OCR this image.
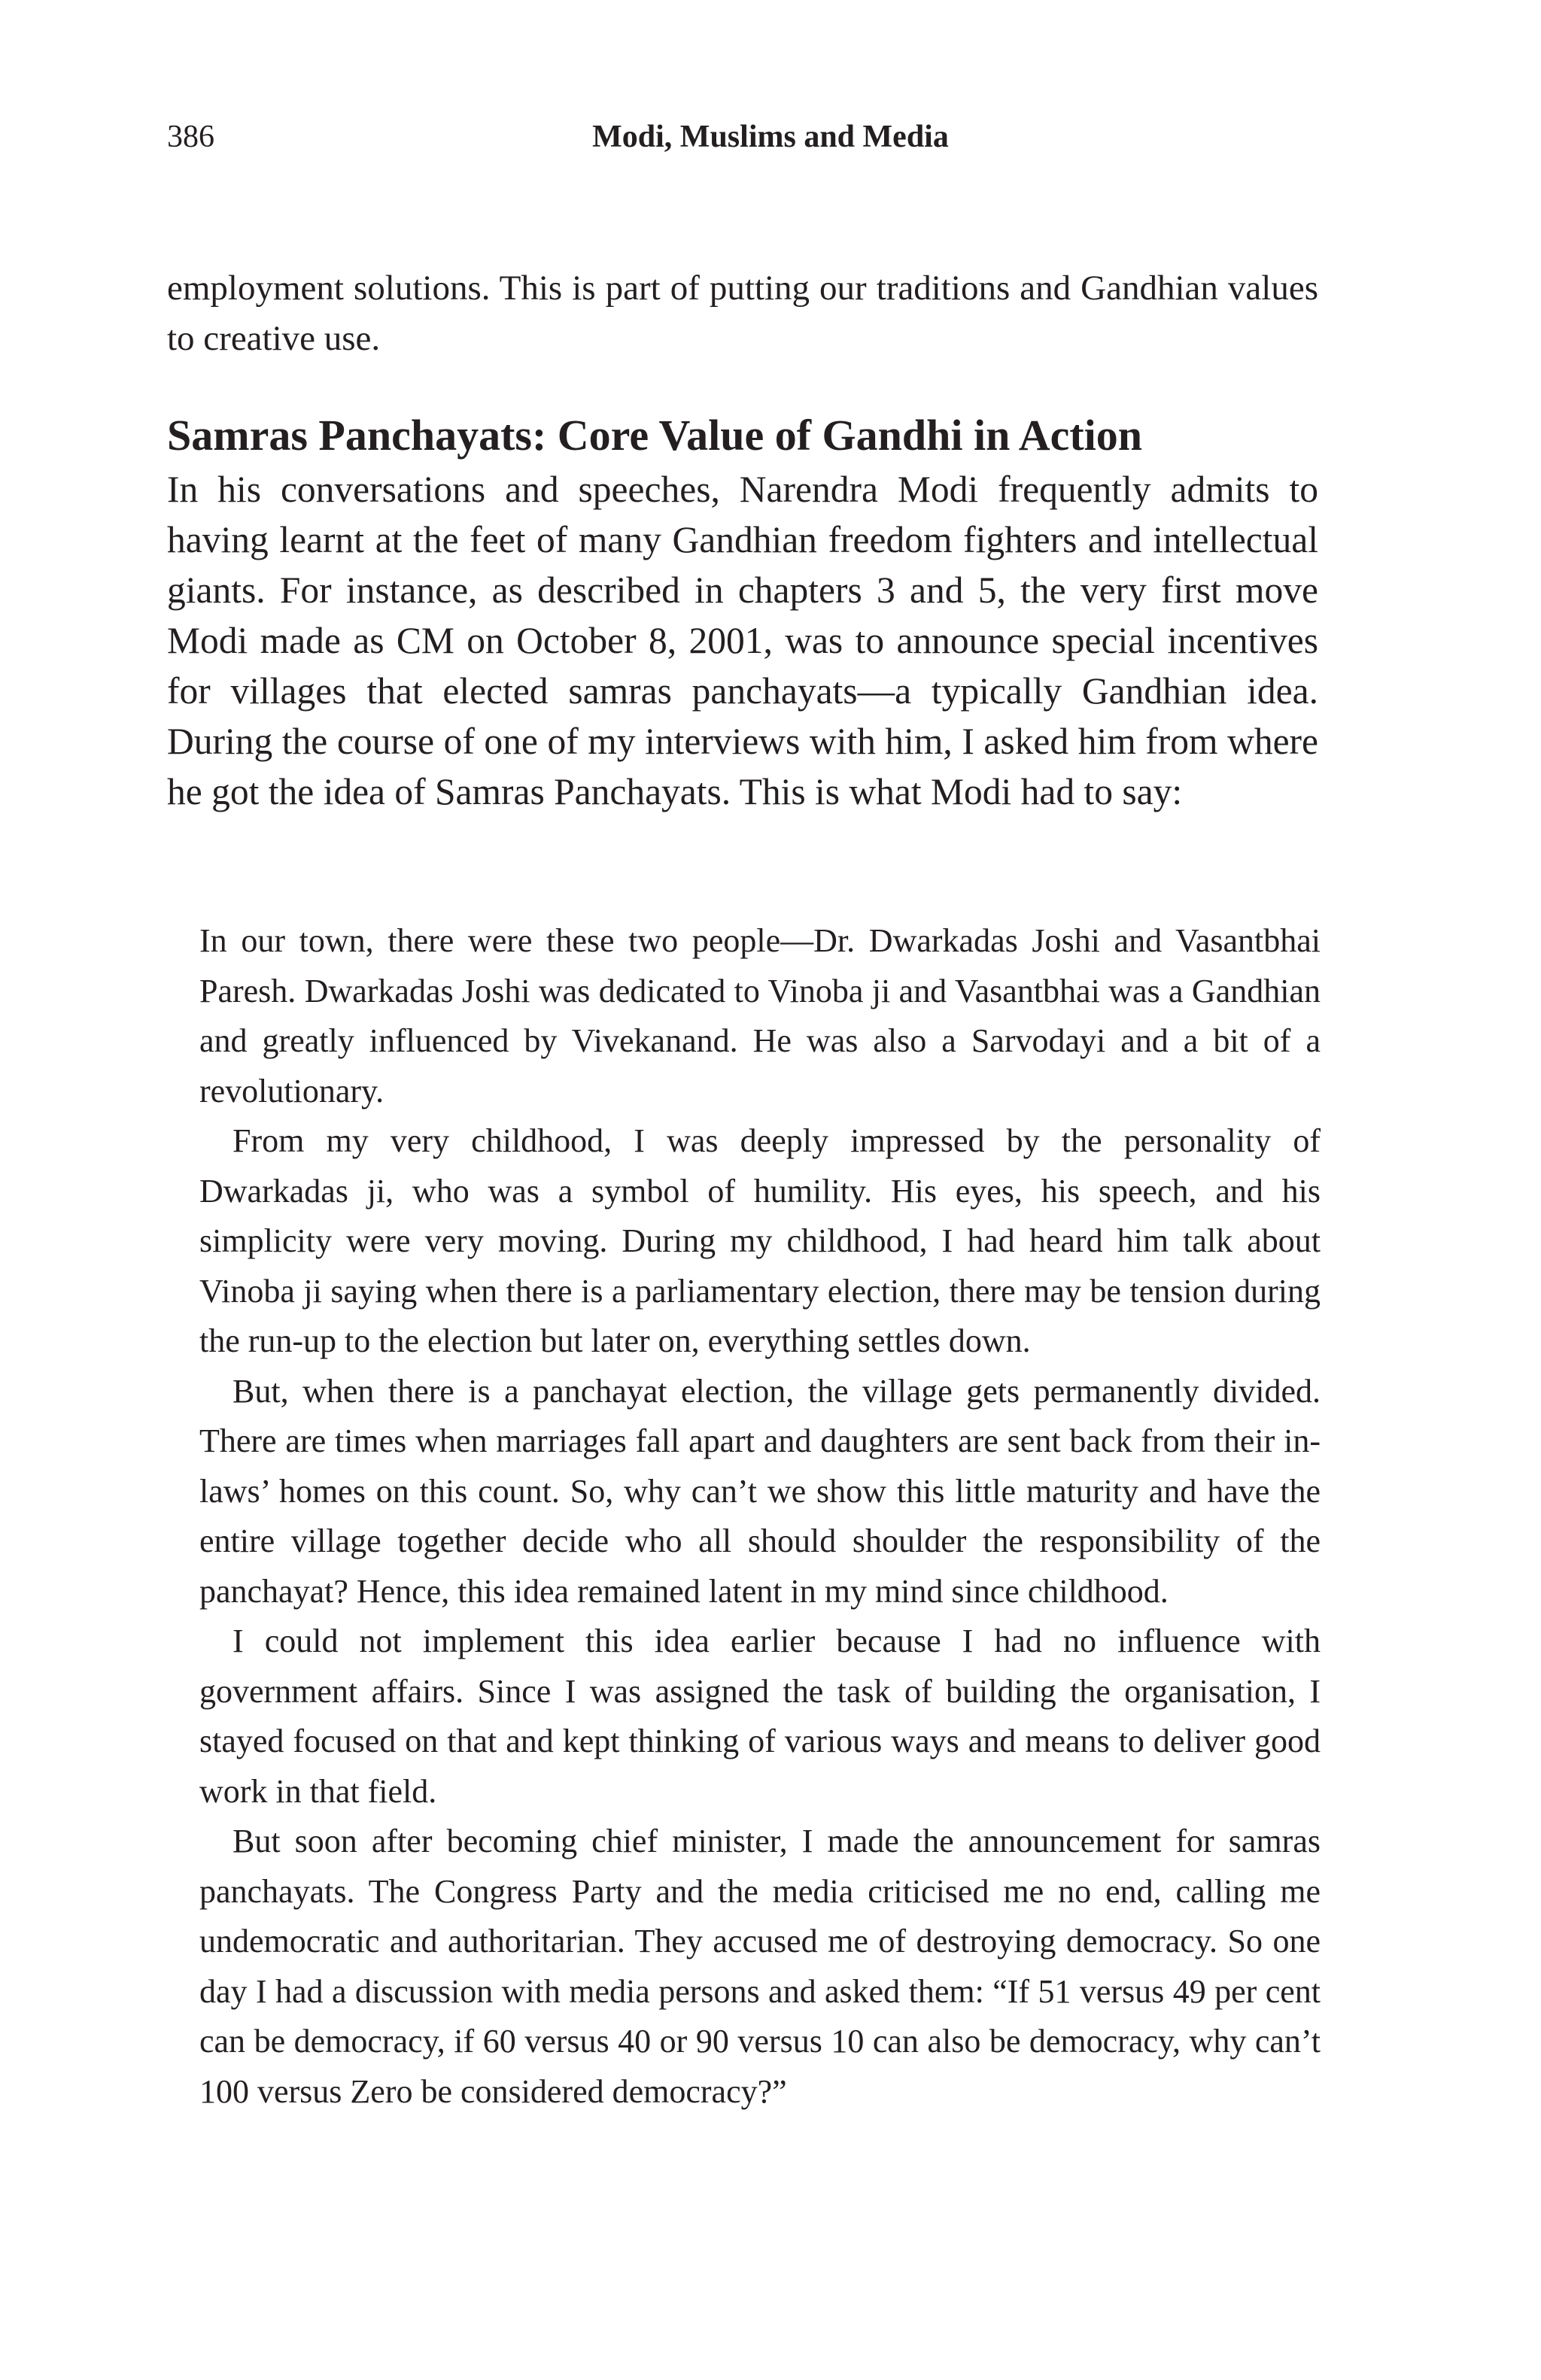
386	Modi, Muslims and Media

employment solutions. This is part of putting our traditions and Gandhian values to creative use.

Samras Panchayats: Core Value of Gandhi in Action

In his conversations and speeches, Narendra Modi frequently admits to having learnt at the feet of many Gandhian freedom fighters and intellectual giants. For instance, as described in chapters 3 and 5, the very first move Modi made as CM on October 8, 2001, was to announce special incentives for villages that elected samras panchayats—a typically Gandhian idea. During the course of one of my interviews with him, I asked him from where he got the idea of Samras Panchayats. This is what Modi had to say:

In our town, there were these two people—Dr. Dwarkadas Joshi and Vasantbhai Paresh. Dwarkadas Joshi was dedicated to Vinoba ji and Vasantbhai was a Gandhian and greatly influenced by Vivekanand. He was also a Sarvodayi and a bit of a revolutionary.

From my very childhood, I was deeply impressed by the personality of Dwarkadas ji, who was a symbol of humility. His eyes, his speech, and his simplicity were very moving. During my childhood, I had heard him talk about Vinoba ji saying when there is a parliamentary election, there may be tension during the run-up to the election but later on, everything settles down.

But, when there is a panchayat election, the village gets permanently divided. There are times when marriages fall apart and daughters are sent back from their in-laws’ homes on this count. So, why can’t we show this little maturity and have the entire village together decide who all should shoulder the responsibility of the panchayat? Hence, this idea remained latent in my mind since childhood.

I could not implement this idea earlier because I had no influence with government affairs. Since I was assigned the task of building the organisation, I stayed focused on that and kept thinking of various ways and means to deliver good work in that field.

But soon after becoming chief minister, I made the announcement for samras panchayats. The Congress Party and the media criticised me no end, calling me undemocratic and authoritarian. They accused me of destroying democracy. So one day I had a discussion with media persons and asked them: “If 51 versus 49 per cent can be democracy, if 60 versus 40 or 90 versus 10 can also be democracy, why can’t 100 versus Zero be considered democracy?”
